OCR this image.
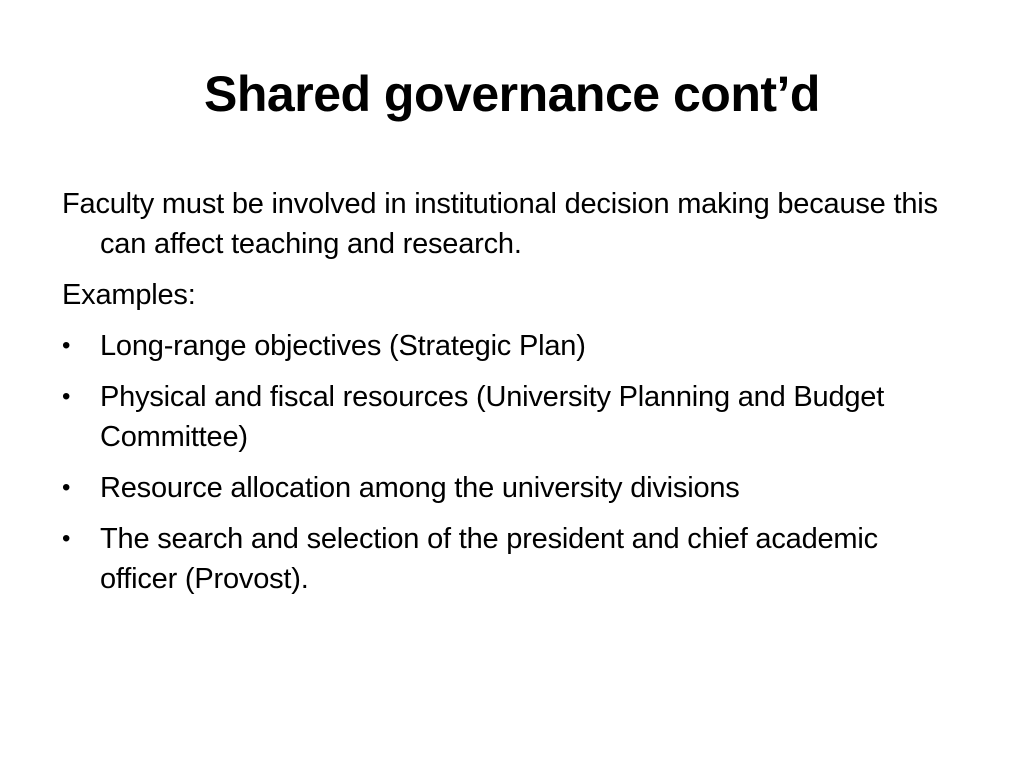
Shared governance cont’d

Faculty must be involved in institutional decision making because this can affect teaching and research.

Examples:

•	Long-range objectives (Strategic Plan)
•	Physical and fiscal resources (University Planning and Budget Committee)
•	Resource allocation among the university divisions
•	The search and selection of the president and chief academic officer (Provost).
